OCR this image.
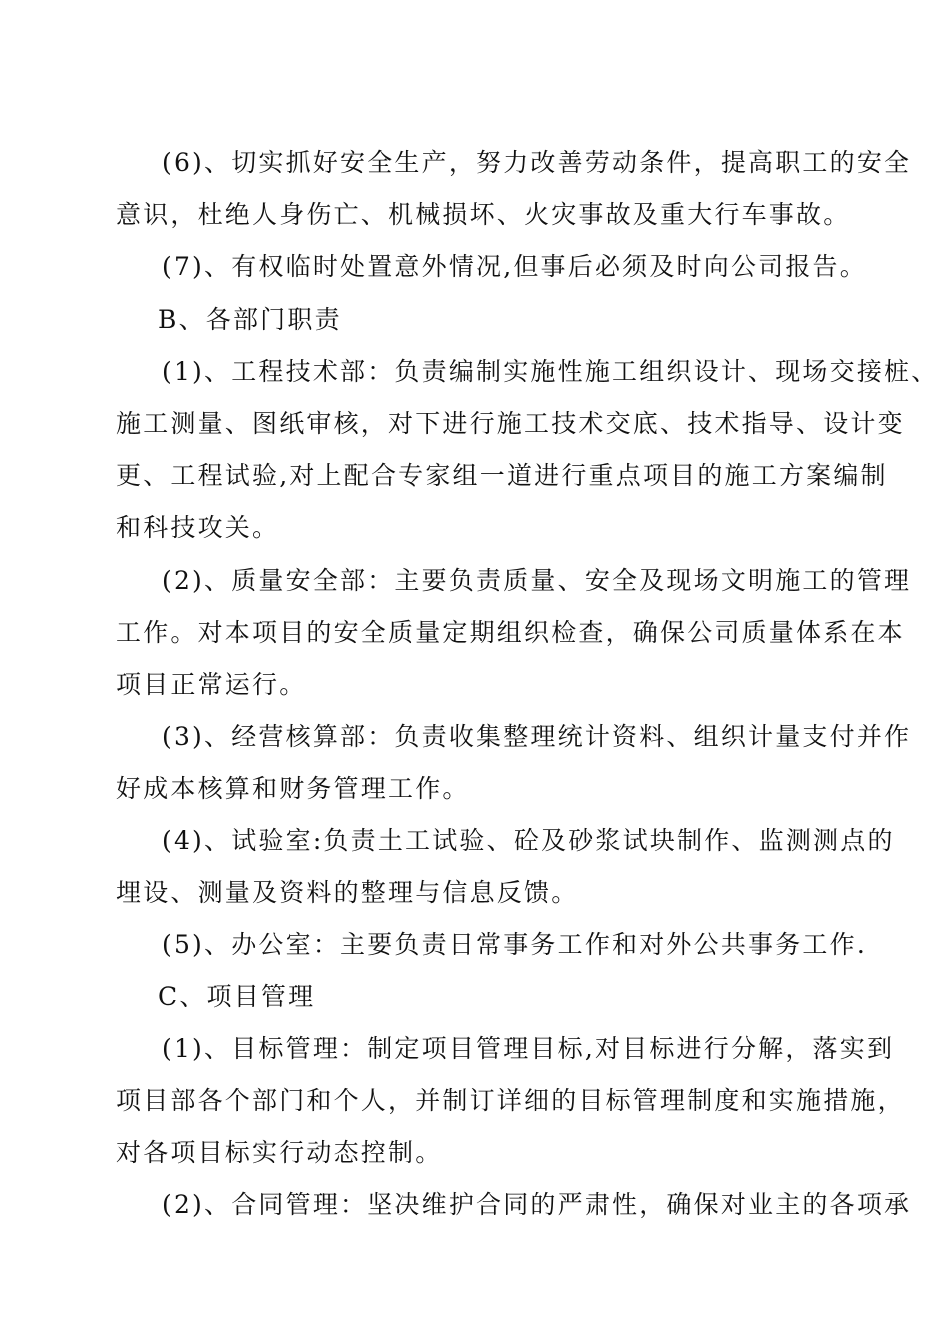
(6)、切实抓好安全生产，努力改善劳动条件，提高职工的安全
意识，杜绝人身伤亡、机械损坏、火灾事故及重大行车事故。
(7)、有权临时处置意外情况,但事后必须及时向公司报告。
B、各部门职责
(1)、工程技术部：负责编制实施性施工组织设计、现场交接桩、
施工测量、图纸审核，对下进行施工技术交底、技术指导、设计变
更、工程试验,对上配合专家组一道进行重点项目的施工方案编制
和科技攻关。
(2)、质量安全部：主要负责质量、安全及现场文明施工的管理
工作。对本项目的安全质量定期组织检查，确保公司质量体系在本
项目正常运行。
(3)、经营核算部：负责收集整理统计资料、组织计量支付并作
好成本核算和财务管理工作。
(4)、试验室:负责土工试验、砼及砂浆试块制作、监测测点的
埋设、测量及资料的整理与信息反馈。
(5)、办公室：主要负责日常事务工作和对外公共事务工作.
C、项目管理
(1)、目标管理：制定项目管理目标,对目标进行分解，落实到
项目部各个部门和个人，并制订详细的目标管理制度和实施措施，
对各项目标实行动态控制。
(2)、合同管理：坚决维护合同的严肃性，确保对业主的各项承
